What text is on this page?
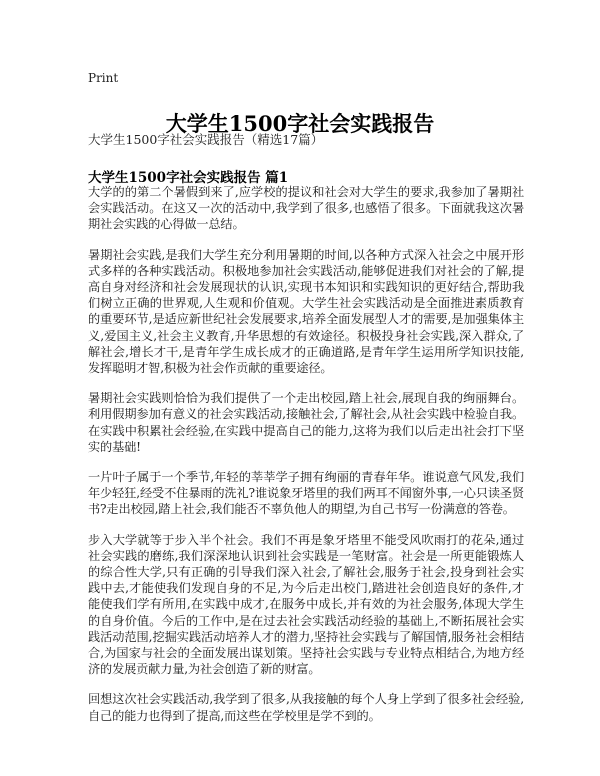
Print
大学生1500字社会实践报告
大学生1500字社会实践报告（精选17篇）
大学生1500字社会实践报告 篇1

大学的的第二个暑假到来了,应学校的提议和社会对大学生的要求,我参加了暑期社会实践活动。在这又一次的活动中,我学到了很多,也感悟了很多。下面就我这次暑期社会实践的心得做一总结。

暑期社会实践,是我们大学生充分利用暑期的时间,以各种方式深入社会之中展开形式多样的各种实践活动。积极地参加社会实践活动,能够促进我们对社会的了解,提高自身对经济和社会发展现状的认识,实现书本知识和实践知识的更好结合,帮助我们树立正确的世界观,人生观和价值观。大学生社会实践活动是全面推进素质教育的重要环节,是适应新世纪社会发展要求,培养全面发展型人才的需要,是加强集体主义,爱国主义,社会主义教育,升华思想的有效途径。积极投身社会实践,深入群众,了解社会,增长才干,是青年学生成长成才的正确道路,是青年学生运用所学知识技能,发挥聪明才智,积极为社会作贡献的重要途径。

暑期社会实践则恰恰为我们提供了一个走出校园,踏上社会,展现自我的绚丽舞台。利用假期参加有意义的社会实践活动,接触社会,了解社会,从社会实践中检验自我。在实践中积累社会经验,在实践中提高自己的能力,这将为我们以后走出社会打下坚实的基础!

一片叶子属于一个季节,年轻的莘莘学子拥有绚丽的青春年华。谁说意气风发,我们年少轻狂,经受不住暴雨的洗礼?谁说象牙塔里的我们两耳不闻窗外事,一心只读圣贤书?走出校园,踏上社会,我们能否不辜负他人的期望,为自己书写一份满意的答卷。

步入大学就等于步入半个社会。我们不再是象牙塔里不能受风吹雨打的花朵,通过社会实践的磨练,我们深深地认识到社会实践是一笔财富。社会是一所更能锻炼人的综合性大学,只有正确的引导我们深入社会,了解社会,服务于社会,投身到社会实践中去,才能使我们发现自身的不足,为今后走出校门,踏进社会创造良好的条件,才能使我们学有所用,在实践中成才,在服务中成长,并有效的为社会服务,体现大学生的自身价值。今后的工作中,是在过去社会实践活动经验的基础上,不断拓展社会实践活动范围,挖掘实践活动培养人才的潜力,坚持社会实践与了解国情,服务社会相结合,为国家与社会的全面发展出谋划策。坚持社会实践与专业特点相结合,为地方经济的发展贡献力量,为社会创造了新的财富。

回想这次社会实践活动,我学到了很多,从我接触的每个人身上学到了很多社会经验,自己的能力也得到了提高,而这些在学校里是学不到的。
